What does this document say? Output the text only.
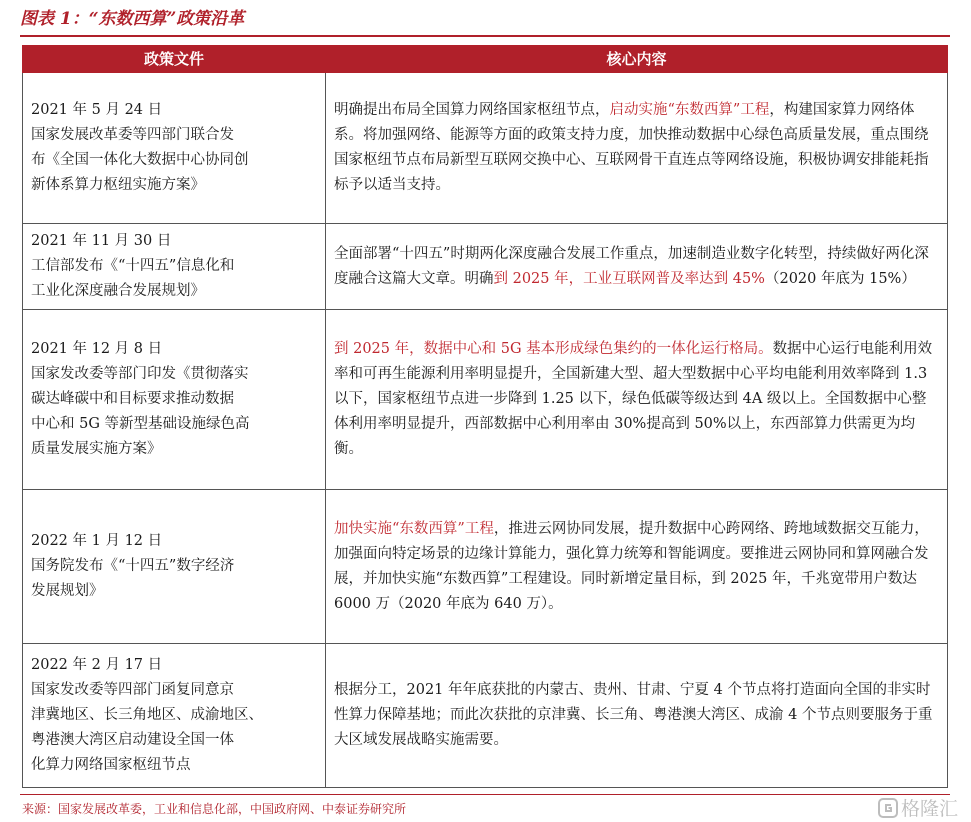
图表 1：“东数西算”政策沿革
政策文件	核心内容

2021 年 5 月 24 日
国家发展改革委等四部门联合发
布《全国一体化大数据中心协同创
新体系算力枢纽实施方案》	明确提出布局全国算力网络国家枢纽节点，启动实施“东数西算”工程，构建国家算力网络体系。将加强网络、能源等方面的政策支持力度，加快推动数据中心绿色高质量发展，重点围绕国家枢纽节点布局新型互联网交换中心、互联网骨干直连点等网络设施，积极协调安排能耗指标予以适当支持。

2021 年 11 月 30 日
工信部发布《“十四五”信息化和
工业化深度融合发展规划》	全面部署“十四五”时期两化深度融合发展工作重点，加速制造业数字化转型，持续做好两化深度融合这篇大文章。明确到 2025 年，工业互联网普及率达到 45%（2020 年底为 15%）

2021 年 12 月 8 日
国家发改委等部门印发《贯彻落实
碳达峰碳中和目标要求推动数据
中心和 5G 等新型基础设施绿色高
质量发展实施方案》	到 2025 年，数据中心和 5G 基本形成绿色集约的一体化运行格局。数据中心运行电能利用效率和可再生能源利用率明显提升，全国新建大型、超大型数据中心平均电能利用效率降到 1.3 以下，国家枢纽节点进一步降到 1.25 以下，绿色低碳等级达到 4A 级以上。全国数据中心整体利用率明显提升，西部数据中心利用率由 30%提高到 50%以上，东西部算力供需更为均衡。

2022 年 1 月 12 日
国务院发布《“十四五”数字经济
发展规划》	加快实施“东数西算”工程，推进云网协同发展，提升数据中心跨网络、跨地域数据交互能力，加强面向特定场景的边缘计算能力，强化算力统筹和智能调度。要推进云网协同和算网融合发展，并加快实施“东数西算”工程建设。同时新增定量目标，到 2025 年，千兆宽带用户数达 6000 万（2020 年底为 640 万）。

2022 年 2 月 17 日
国家发改委等四部门函复同意京
津冀地区、长三角地区、成渝地区、
粤港澳大湾区启动建设全国一体
化算力网络国家枢纽节点	根据分工，2021 年年底获批的内蒙古、贵州、甘肃、宁夏 4 个节点将打造面向全国的非实时性算力保障基地；而此次获批的京津冀、长三角、粤港澳大湾区、成渝 4 个节点则要服务于重大区域发展战略实施需要。
来源：国家发展改革委，工业和信息化部，中国政府网、中泰证券研究所	格隆汇
